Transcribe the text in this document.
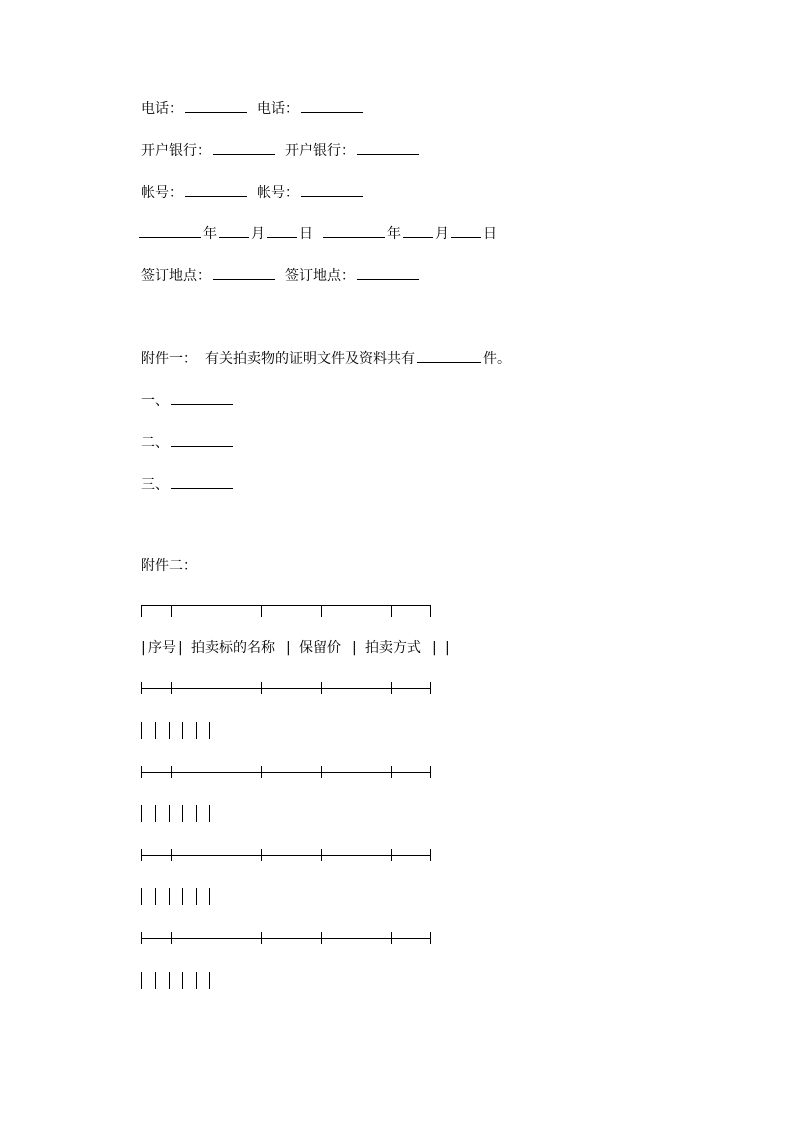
电话：	电话：
开户银行：	开户银行：
帐号：	帐号：
年 月 日	年 月 日
签订地点：	签订地点：
附件一： 有关拍卖物的证明文件及资料共有	件。
一、
二、
三、
附件二：
| 序号 | 拍卖标的名称 | 保留价 | 拍卖方式 | |
